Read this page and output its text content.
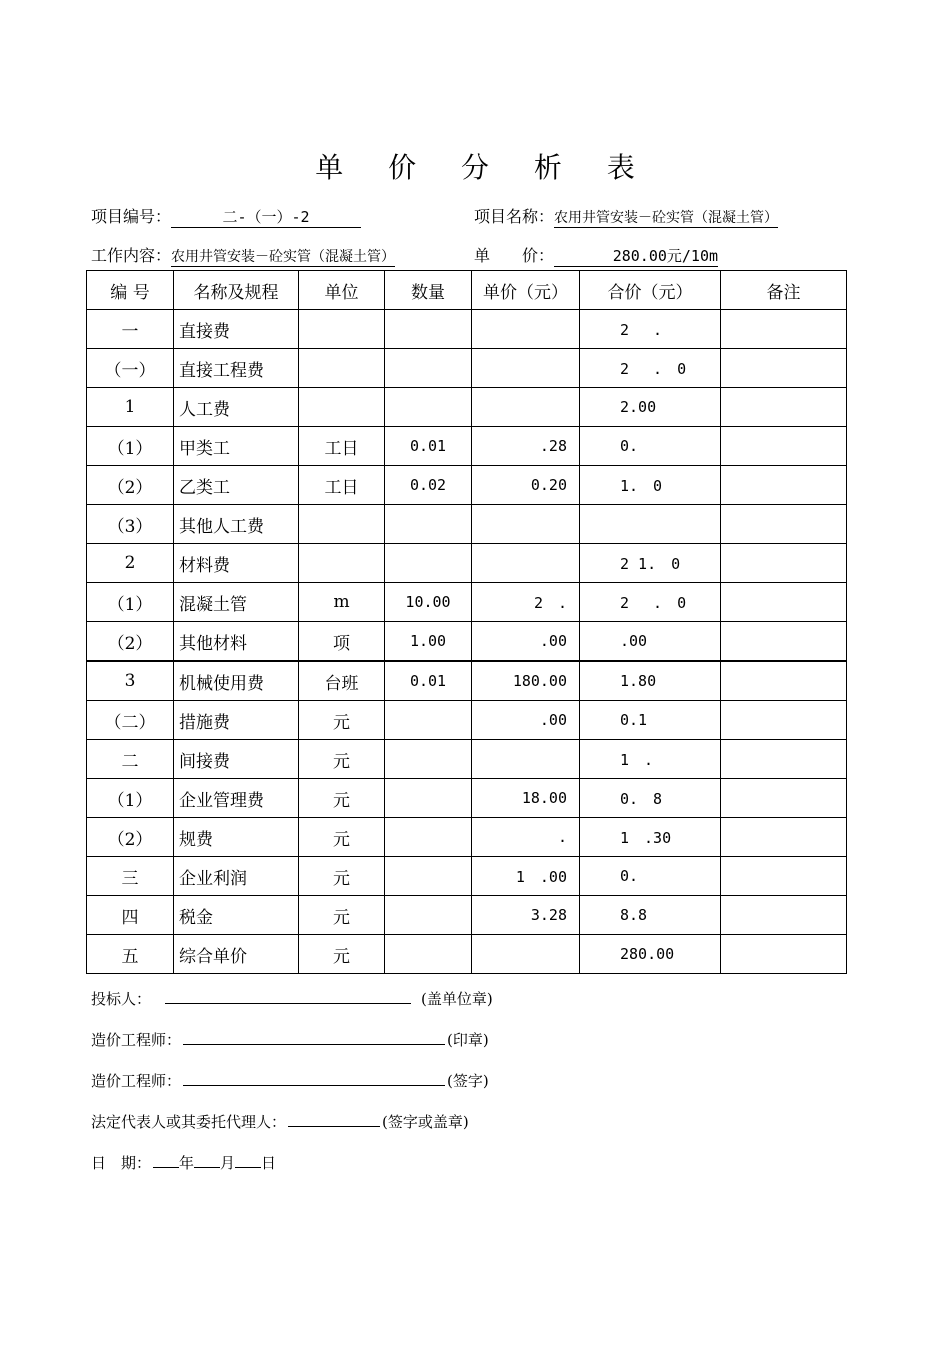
单 价 分 析 表
项目编号：	二-（一）-2	项目名称：农用井管安装－砼实管（混凝土管）
工作内容：农用井管安装－砼实管（混凝土管）	单　　价：	280.00元/10m
编 号	名称及规程	单位	数量	单价（元）	合价（元）	备注
一	直接费				2　 .	
（一）	直接工程费				2　 .　0	
1	人工费				2.00	
（1）	甲类工	工日	0.01	.28	0.	
（2）	乙类工	工日	0.02	0.20	1.　0	
（3）	其他人工费					
2	材料费				2 1.　0	
（1）	混凝土管	m	10.00	2　.	2　 .　0	
（2）	其他材料	项	1.00	.00	.00	
3	机械使用费	台班	0.01	180.00	1.80	
（二）	措施费	元		.00	0.1	
二	间接费	元			1　.	
（1）	企业管理费	元		18.00	0.　8	
（2）	规费	元		.	1　.30	
三	企业利润	元		1　.00	0.	
四	税金	元		3.28	8.8	
五	综合单价	元			280.00	
投标人：	(盖单位章)
造价工程师：	(印章)
造价工程师：	(签字)
法定代表人或其委托代理人：	(签字或盖章)
日　期： 年 月 日
